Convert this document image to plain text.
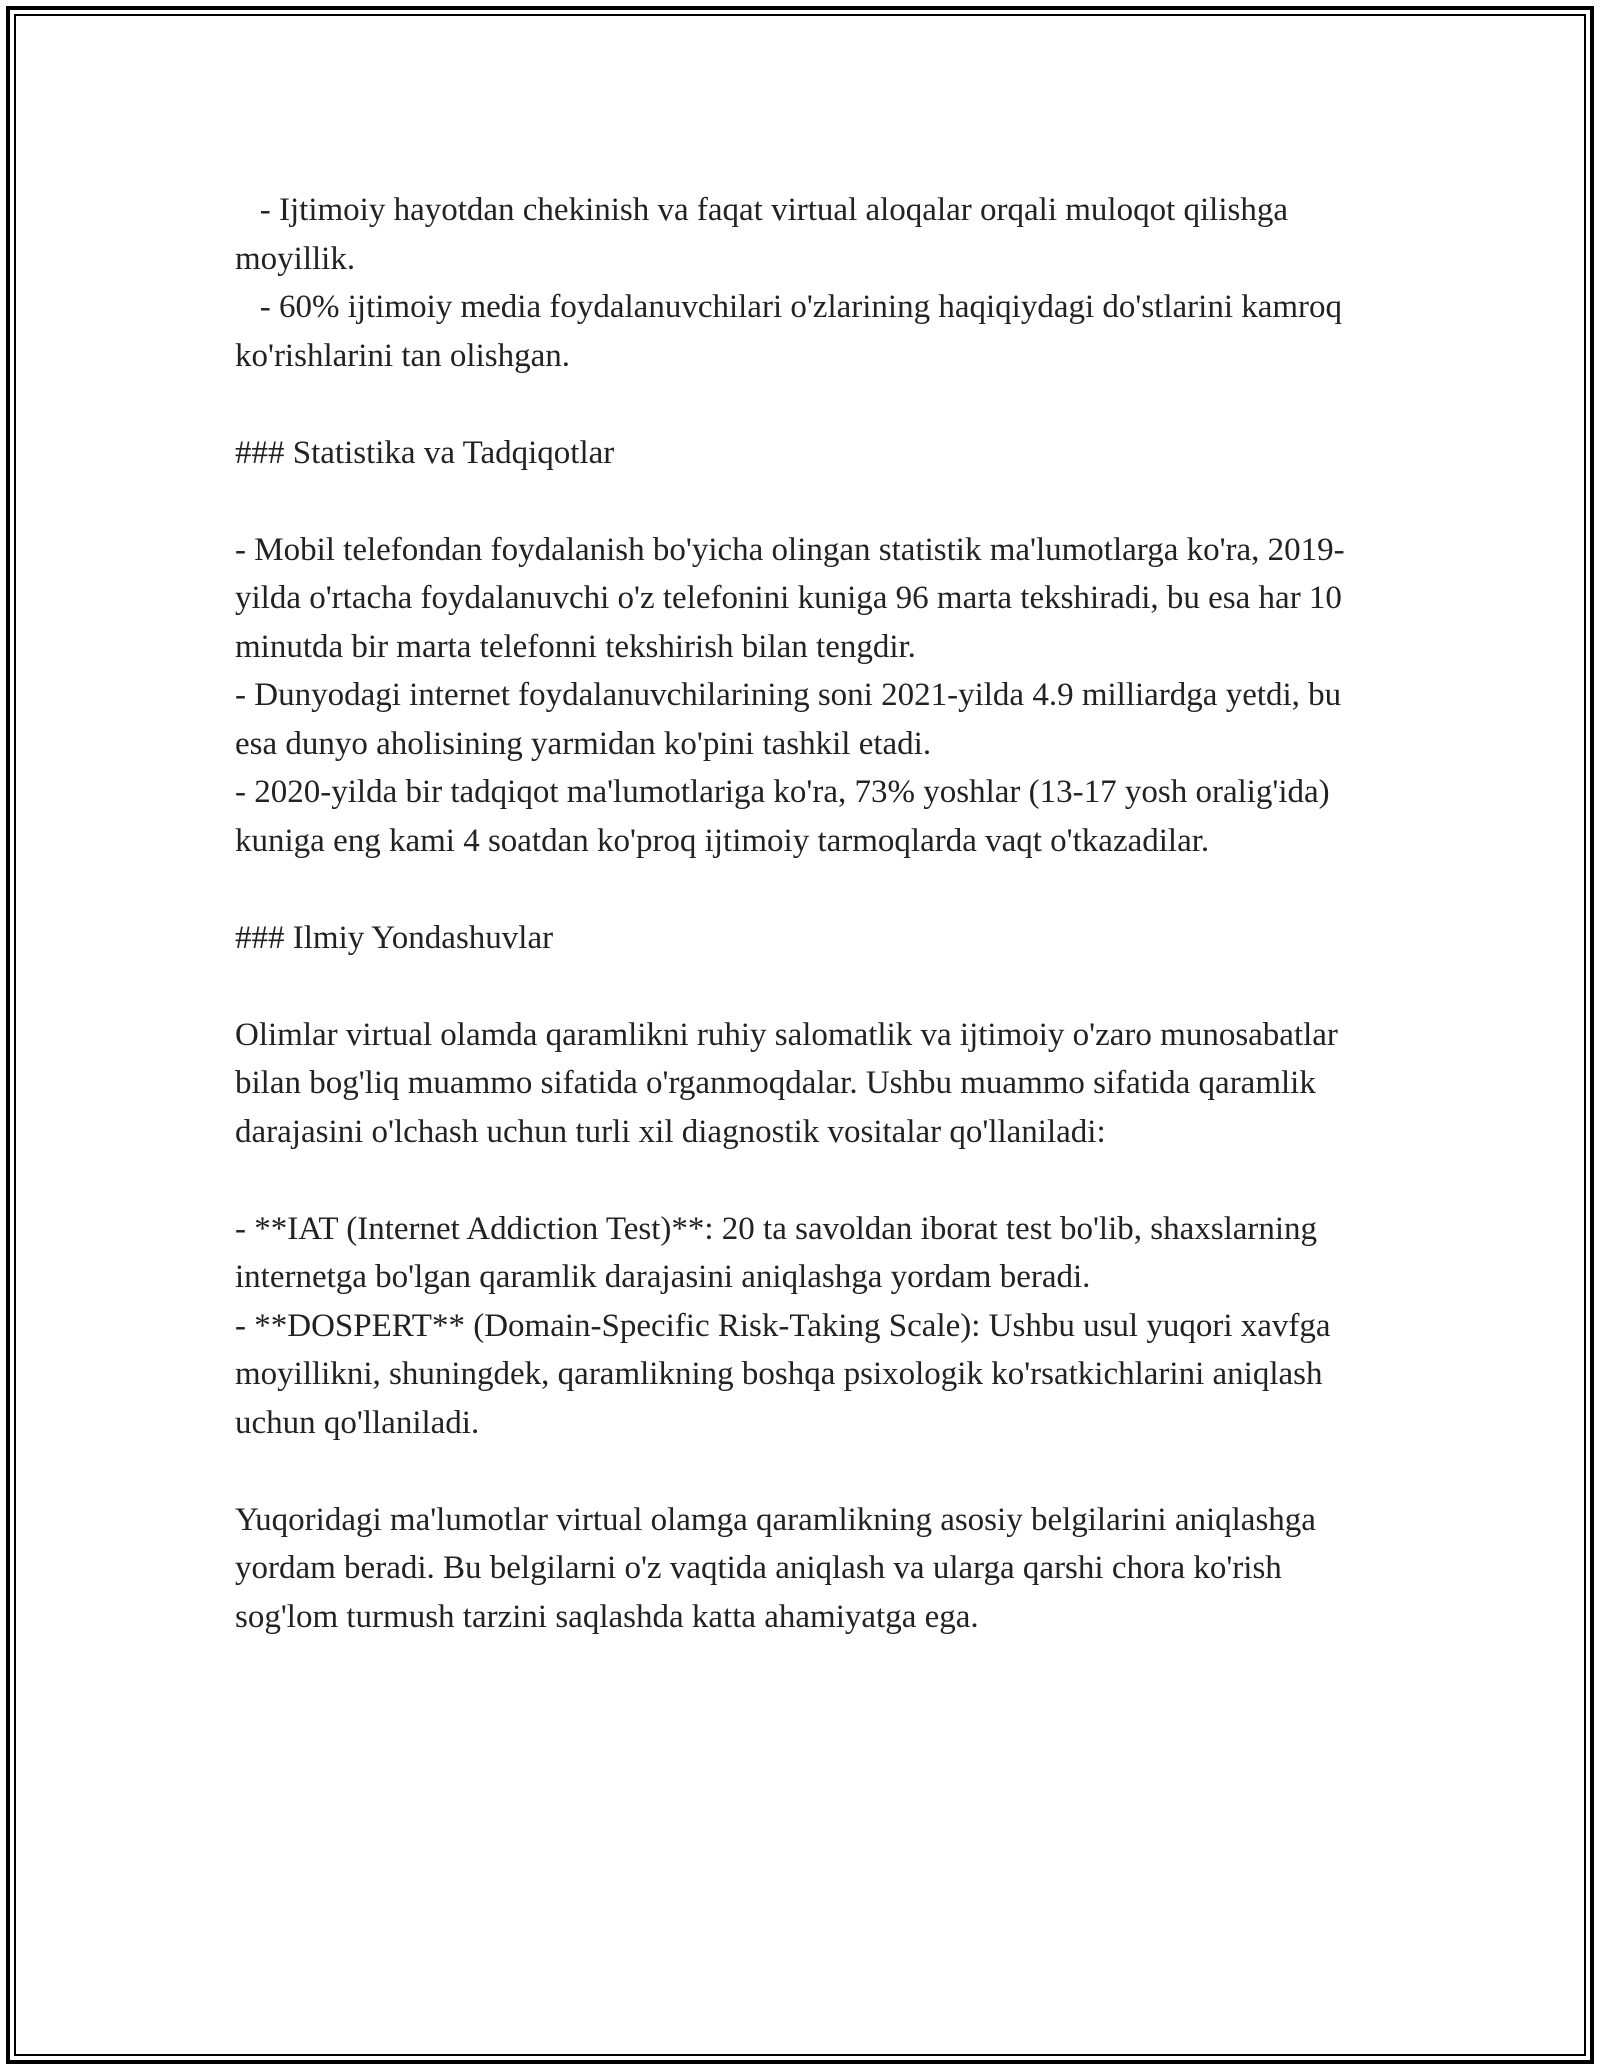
- Ijtimoiy hayotdan chekinish va faqat virtual aloqalar orqali muloqot qilishga moyillik.

- 60% ijtimoiy media foydalanuvchilari o'zlarining haqiqiydagi do'stlarini kamroq ko'rishlarini tan olishgan.

### Statistika va Tadqiqotlar

- Mobil telefondan foydalanish bo'yicha olingan statistik ma'lumotlarga ko'ra, 2019-yilda o'rtacha foydalanuvchi o'z telefonini kuniga 96 marta tekshiradi, bu esa har 10 minutda bir marta telefonni tekshirish bilan tengdir.

- Dunyodagi internet foydalanuvchilarining soni 2021-yilda 4.9 milliardga yetdi, bu esa dunyo aholisining yarmidan ko'pini tashkil etadi.

- 2020-yilda bir tadqiqot ma'lumotlariga ko'ra, 73% yoshlar (13-17 yosh oralig'ida) kuniga eng kami 4 soatdan ko'proq ijtimoiy tarmoqlarda vaqt o'tkazadilar.

### Ilmiy Yondashuvlar

Olimlar virtual olamda qaramlikni ruhiy salomatlik va ijtimoiy o'zaro munosabatlar bilan bog'liq muammo sifatida o'rganmoqdalar. Ushbu muammo sifatida qaramlik darajasini o'lchash uchun turli xil diagnostik vositalar qo'llaniladi:

- **IAT (Internet Addiction Test)**: 20 ta savoldan iborat test bo'lib, shaxslarning internetga bo'lgan qaramlik darajasini aniqlashga yordam beradi.

- **DOSPERT** (Domain-Specific Risk-Taking Scale): Ushbu usul yuqori xavfga moyillikni, shuningdek, qaramlikning boshqa psixologik ko'rsatkichlarini aniqlash uchun qo'llaniladi.

Yuqoridagi ma'lumotlar virtual olamga qaramlikning asosiy belgilarini aniqlashga yordam beradi. Bu belgilarni o'z vaqtida aniqlash va ularga qarshi chora ko'rish sog'lom turmush tarzini saqlashda katta ahamiyatga ega.
